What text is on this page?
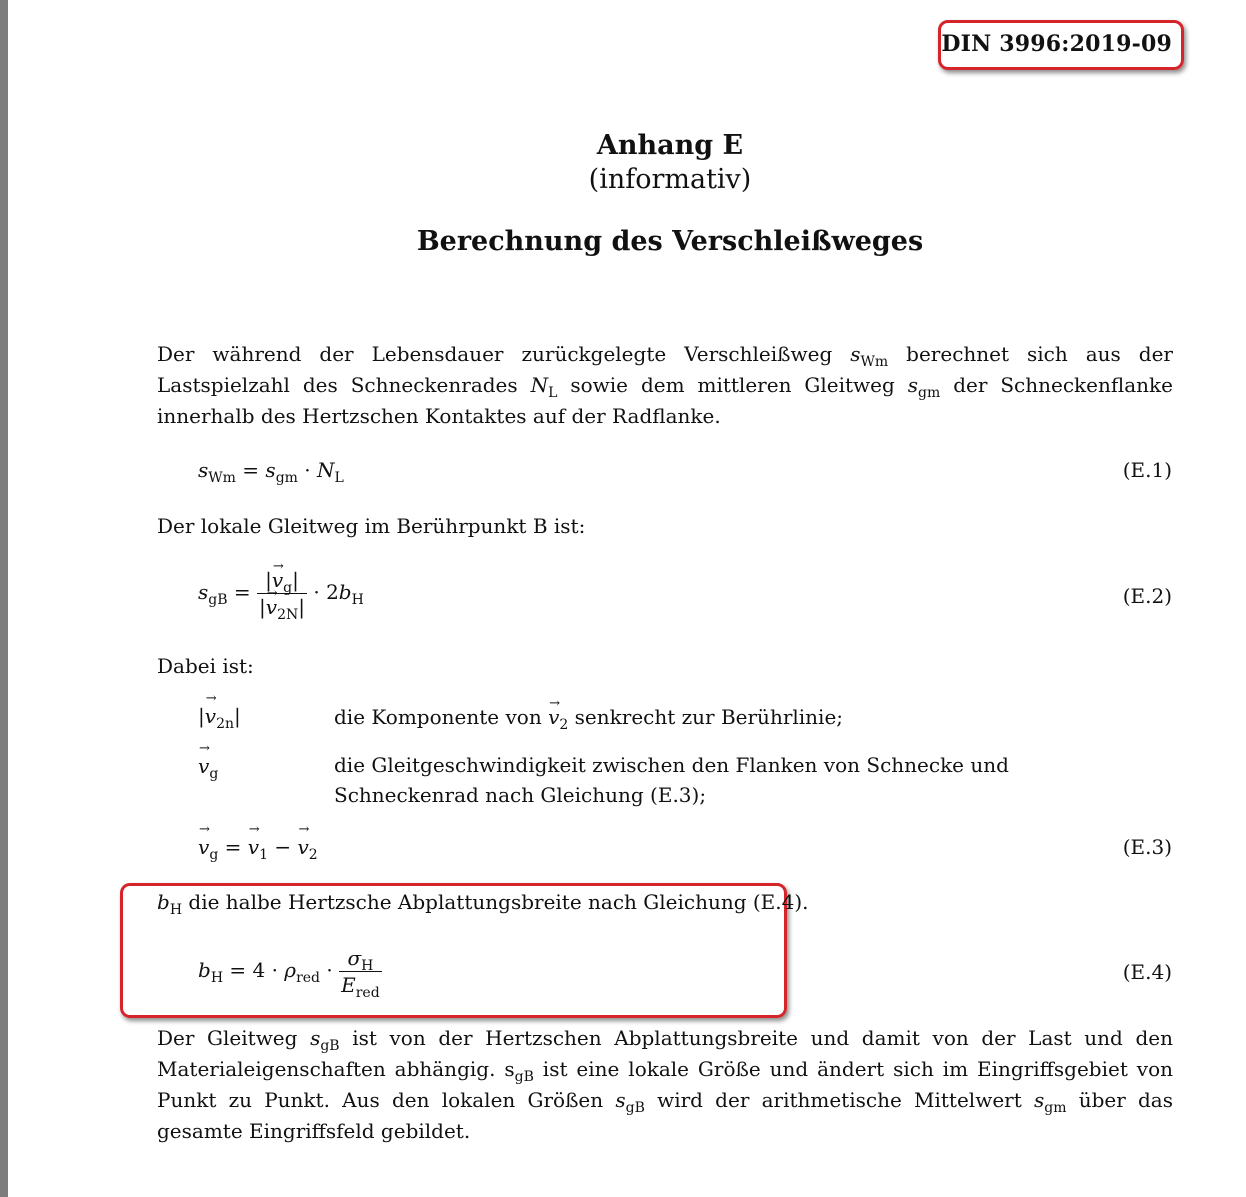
DIN 3996:2019-09
Anhang E
(informativ)
Berechnung des Verschleißweges
Der während der Lebensdauer zurückgelegte Verschleißweg $s_{Wm}$ berechnet sich aus der Lastspielzahl des Schneckenrades $N_L$ sowie dem mittleren Gleitweg $s_{gm}$ der Schneckenflanke innerhalb des Hertzschen Kontaktes auf der Radflanke.
$s_{Wm} = s_{gm} \cdot N_L$	(E.1)
Der lokale Gleitweg im Berührpunkt B ist:
$s_{gB} = \frac{|\to v_g|}{|\to v_{2N}|} \cdot 2b_H$	(E.2)
Dabei ist:
|→ $v_{2n}|$	die Komponente von → $v_2$ senkrecht zur Berührlinie;
→ $v_g$	die Gleitgeschwindigkeit zwischen den Flanken von Schnecke und Schneckenrad nach Gleichung (E.3);
→ $v_g$ = → $v_1$ − → $v_2$	(E.3)
$b_H$ die halbe Hertzsche Abplattungsbreite nach Gleichung (E.4).
$b_H = 4 \cdot \rho_{red} \cdot \frac{\sigma_H}{E_{red}}$	(E.4)
Der Gleitweg $s_{gB}$ ist von der Hertzschen Abplattungsbreite und damit von der Last und den Materialeigenschaften abhängig. $s_{gB}$ ist eine lokale Größe und ändert sich im Eingriffsgebiet von Punkt zu Punkt. Aus den lokalen Größen $s_{gB}$ wird der arithmetische Mittelwert $s_{gm}$ über das gesamte Eingriffsfeld gebildet.
